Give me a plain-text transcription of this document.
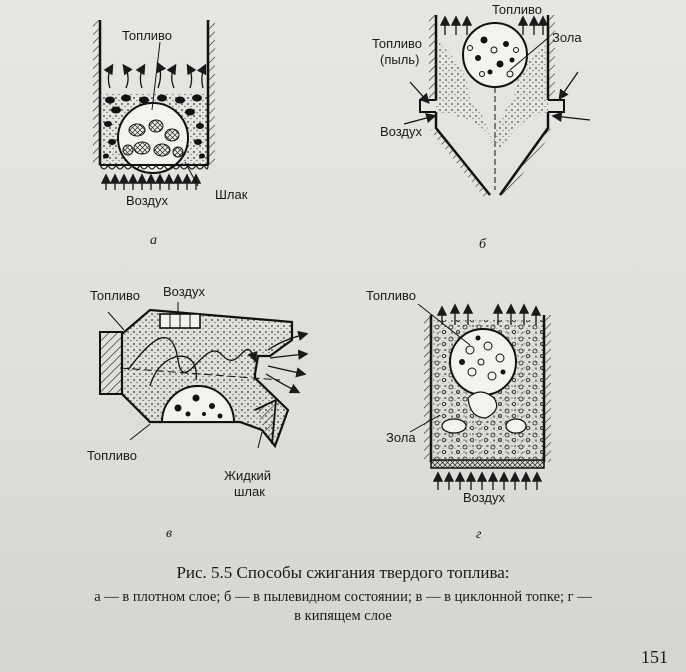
Топливо
Воздух	Шлак
а
Топливо
Топливо
(пыль)
Зола
Воздух
б
Топливо Воздух
Топливо
Жидкий
шлак
в
Топливо
Зола
Воздух
г
Рис. 5.5 Способы сжигания твердого топлива:
а — в плотном слое; б — в пылевидном состоянии; в — в циклонной топке; г —
в кипящем слое
151
